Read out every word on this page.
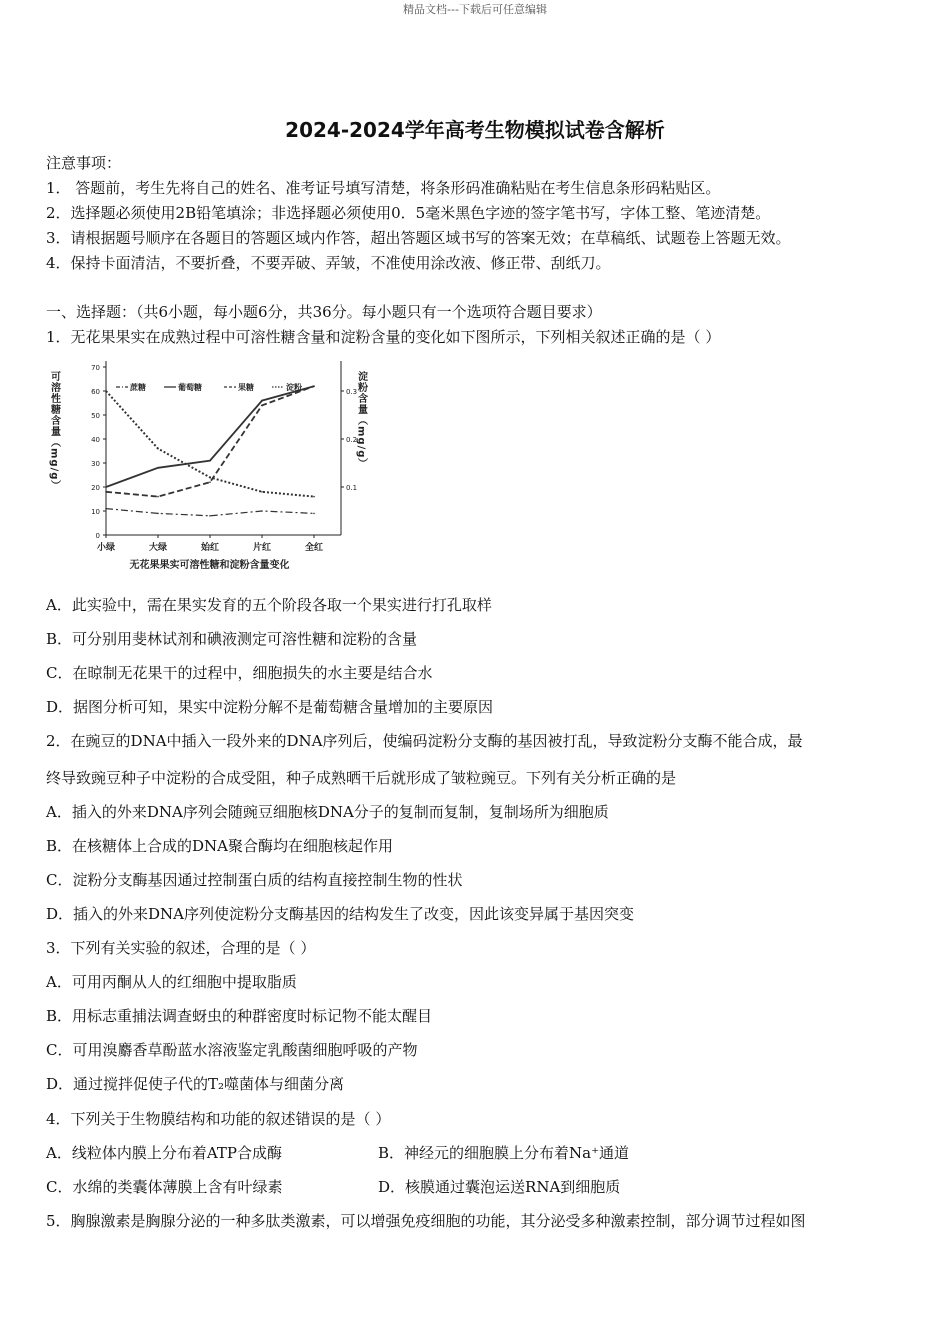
精品文档---下载后可任意编辑
2024-2024学年高考生物模拟试卷含解析
注意事项：
1． 答题前，考生先将自己的姓名、准考证号填写清楚，将条形码准确粘贴在考生信息条形码粘贴区。
2．选择题必须使用2B铅笔填涂；非选择题必须使用0．5毫米黑色字迹的签字笔书写，字体工整、笔迹清楚。
3．请根据题号顺序在各题目的答题区域内作答，超出答题区域书写的答案无效；在草稿纸、试题卷上答题无效。
4．保持卡面清洁，不要折叠，不要弄破、弄皱，不准使用涂改液、修正带、刮纸刀。
一、选择题：（共6小题，每小题6分，共36分。每小题只有一个选项符合题目要求）
1．无花果果实在成熟过程中可溶性糖含量和淀粉含量的变化如下图所示，下列相关叙述正确的是（ ）
0
10
20
30
40
50
60
70
0.1
0.2
0.3
小绿	大绿	始红	片红	全红
可溶性糖含量（mg/g）	淀粉含量（mg/g）
蔗糖	葡萄糖	果糖	淀粉
无花果果实可溶性糖和淀粉含量变化
A．此实验中，需在果实发育的五个阶段各取一个果实进行打孔取样
B．可分别用斐林试剂和碘液测定可溶性糖和淀粉的含量
C．在晾制无花果干的过程中，细胞损失的水主要是结合水
D．据图分析可知，果实中淀粉分解不是葡萄糖含量增加的主要原因
2．在豌豆的DNA中插入一段外来的DNA序列后，使编码淀粉分支酶的基因被打乱，导致淀粉分支酶不能合成，最
终导致豌豆种子中淀粉的合成受阻，种子成熟晒干后就形成了皱粒豌豆。下列有关分析正确的是
A．插入的外来DNA序列会随豌豆细胞核DNA分子的复制而复制，复制场所为细胞质
B．在核糖体上合成的DNA聚合酶均在细胞核起作用
C．淀粉分支酶基因通过控制蛋白质的结构直接控制生物的性状
D．插入的外来DNA序列使淀粉分支酶基因的结构发生了改变，因此该变异属于基因突变
3．下列有关实验的叙述，合理的是（ ）
A．可用丙酮从人的红细胞中提取脂质
B．用标志重捕法调查蚜虫的种群密度时标记物不能太醒目
C．可用溴麝香草酚蓝水溶液鉴定乳酸菌细胞呼吸的产物
D．通过搅拌促使子代的T₂噬菌体与细菌分离
4．下列关于生物膜结构和功能的叙述错误的是（ ）
A．线粒体内膜上分布着ATP合成酶	B．神经元的细胞膜上分布着Na⁺通道
C．水绵的类囊体薄膜上含有叶绿素	D．核膜通过囊泡运送RNA到细胞质
5．胸腺激素是胸腺分泌的一种多肽类激素，可以增强免疫细胞的功能，其分泌受多种激素控制，部分调节过程如图
